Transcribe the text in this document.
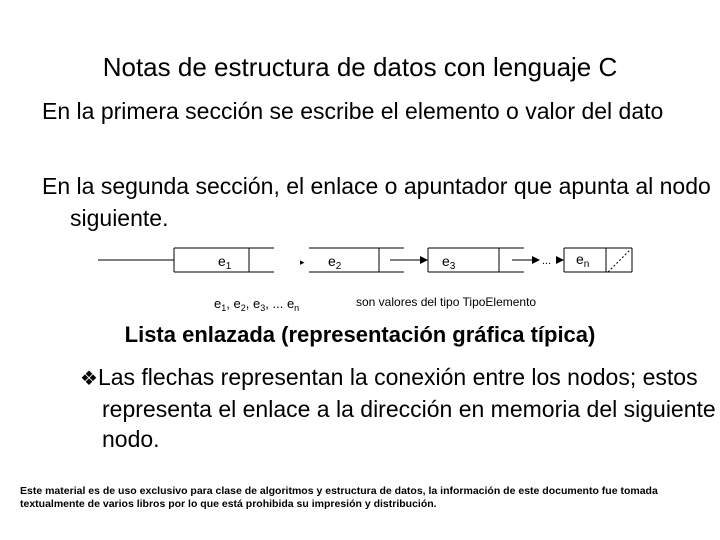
Notas de estructura de datos con lenguaje C
En la primera sección se escribe el elemento o valor del dato
En la segunda sección, el enlace o apuntador que apunta al nodo siguiente.
$e_1$	▸ $e_2$	$e_3$	... $e_n$
$e_1$, $e_2$, $e_3$, ... $e_n$	son valores del tipo TipoElemento
Lista enlazada (representación gráfica típica)
❖Las flechas representan la conexión entre los nodos; estos representa el enlace a la dirección en memoria del siguiente nodo.
Este material es de uso exclusivo para clase de algoritmos y estructura de datos, la información de este documento fue tomada textualmente de varios libros por lo que está prohibida su impresión y distribución.
